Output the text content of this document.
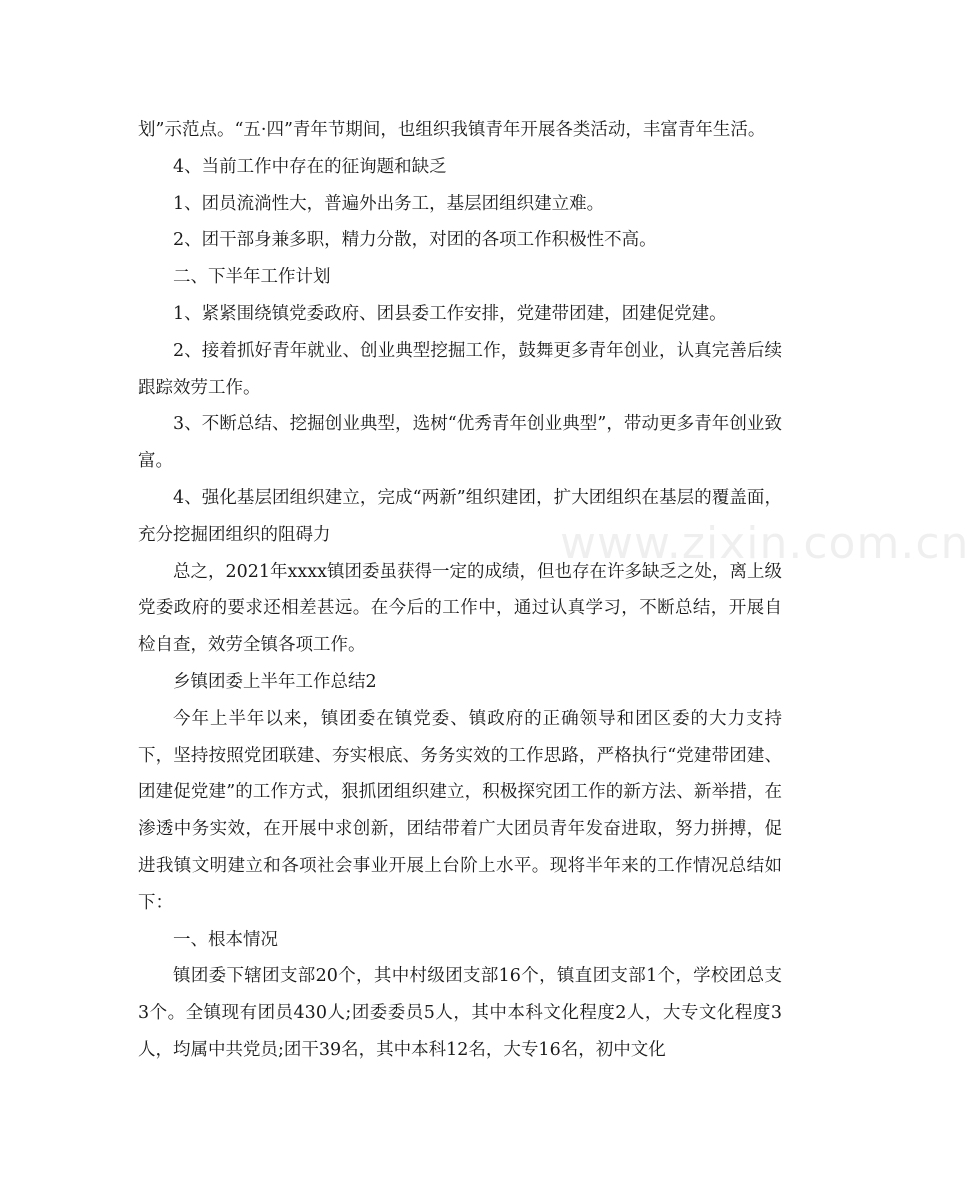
www.zixin.com.cn

划”示范点。“五·四”青年节期间，也组织我镇青年开展各类活动，丰富青年生活。

4、当前工作中存在的征询题和缺乏

1、团员流淌性大，普遍外出务工，基层团组织建立难。

2、团干部身兼多职，精力分散，对团的各项工作积极性不高。

二、下半年工作计划

1、紧紧围绕镇党委政府、团县委工作安排，党建带团建，团建促党建。

2、接着抓好青年就业、创业典型挖掘工作，鼓舞更多青年创业，认真完善后续跟踪效劳工作。

3、不断总结、挖掘创业典型，选树“优秀青年创业典型”，带动更多青年创业致富。

4、强化基层团组织建立，完成“两新”组织建团，扩大团组织在基层的覆盖面，充分挖掘团组织的阻碍力

总之，2021年xxxx镇团委虽获得一定的成绩，但也存在许多缺乏之处，离上级党委政府的要求还相差甚远。在今后的工作中，通过认真学习，不断总结，开展自检自查，效劳全镇各项工作。

乡镇团委上半年工作总结2

今年上半年以来，镇团委在镇党委、镇政府的正确领导和团区委的大力支持下，坚持按照党团联建、夯实根底、务务实效的工作思路，严格执行“党建带团建、团建促党建”的工作方式，狠抓团组织建立，积极探究团工作的新方法、新举措，在渗透中务实效，在开展中求创新，团结带着广大团员青年发奋进取，努力拼搏，促进我镇文明建立和各项社会事业开展上台阶上水平。现将半年来的工作情况总结如下：

一、根本情况

镇团委下辖团支部20个，其中村级团支部16个，镇直团支部1个，学校团总支3个。全镇现有团员430人;团委委员5人，其中本科文化程度2人，大专文化程度3人，均属中共党员;团干39名，其中本科12名，大专16名，初中文化
